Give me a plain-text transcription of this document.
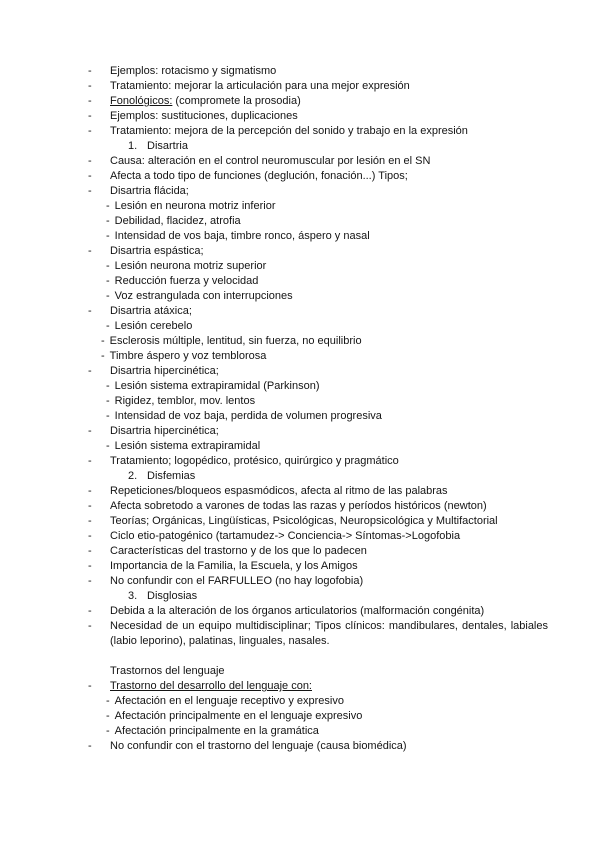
-	Ejemplos: rotacismo y sigmatismo
-	Tratamiento: mejorar la articulación para una mejor expresión
-	Fonológicos: (compromete la prosodia)
-	Ejemplos: sustituciones, duplicaciones
-	Tratamiento: mejora de la percepción del sonido y trabajo en la expresión
1. Disartria
-	Causa: alteración en el control neuromuscular por lesión en el SN
-	Afecta a todo tipo de funciones (deglución, fonación...) Tipos;
-	Disartria flácida;
- Lesión en neurona motriz inferior
- Debilidad, flacidez, atrofia
- Intensidad de vos baja, timbre ronco, áspero y nasal
-	Disartria espástica;
- Lesión neurona motriz superior
- Reducción fuerza y velocidad
- Voz estrangulada con interrupciones
-	Disartria atáxica;
- Lesión cerebelo
- Esclerosis múltiple, lentitud, sin fuerza, no equilibrio
- Timbre áspero y voz temblorosa
-	Disartria hipercinética;
- Lesión sistema extrapiramidal (Parkinson)
- Rigidez, temblor, mov. lentos
- Intensidad de voz baja, perdida de volumen progresiva
-	Disartria hipercinética;
- Lesión sistema extrapiramidal
-	Tratamiento; logopédico, protésico, quirúrgico y pragmático
2. Disfemias
-	Repeticiones/bloqueos espasmódicos, afecta al ritmo de las palabras
-	Afecta sobretodo a varones de todas las razas y períodos históricos (newton)
-	Teorías; Orgánicas, Lingüísticas, Psicológicas, Neuropsicológica y Multifactorial
-	Ciclo etio-patogénico (tartamudez-> Conciencia-> Síntomas->Logofobia
-	Características del trastorno y de los que lo padecen
-	Importancia de la Familia, la Escuela, y los Amigos
-	No confundir con el FARFULLEO (no hay logofobia)
3. Disglosias
-	Debida a la alteración de los órganos articulatorios (malformación congénita)
-	Necesidad de un equipo multidisciplinar; Tipos clínicos: mandibulares, dentales, labiales (labio leporino), palatinas, linguales, nasales.
Trastornos del lenguaje
-	Trastorno del desarrollo del lenguaje con:
- Afectación en el lenguaje receptivo y expresivo
- Afectación principalmente en el lenguaje expresivo
- Afectación principalmente en la gramática
-	No confundir con el trastorno del lenguaje (causa biomédica)
